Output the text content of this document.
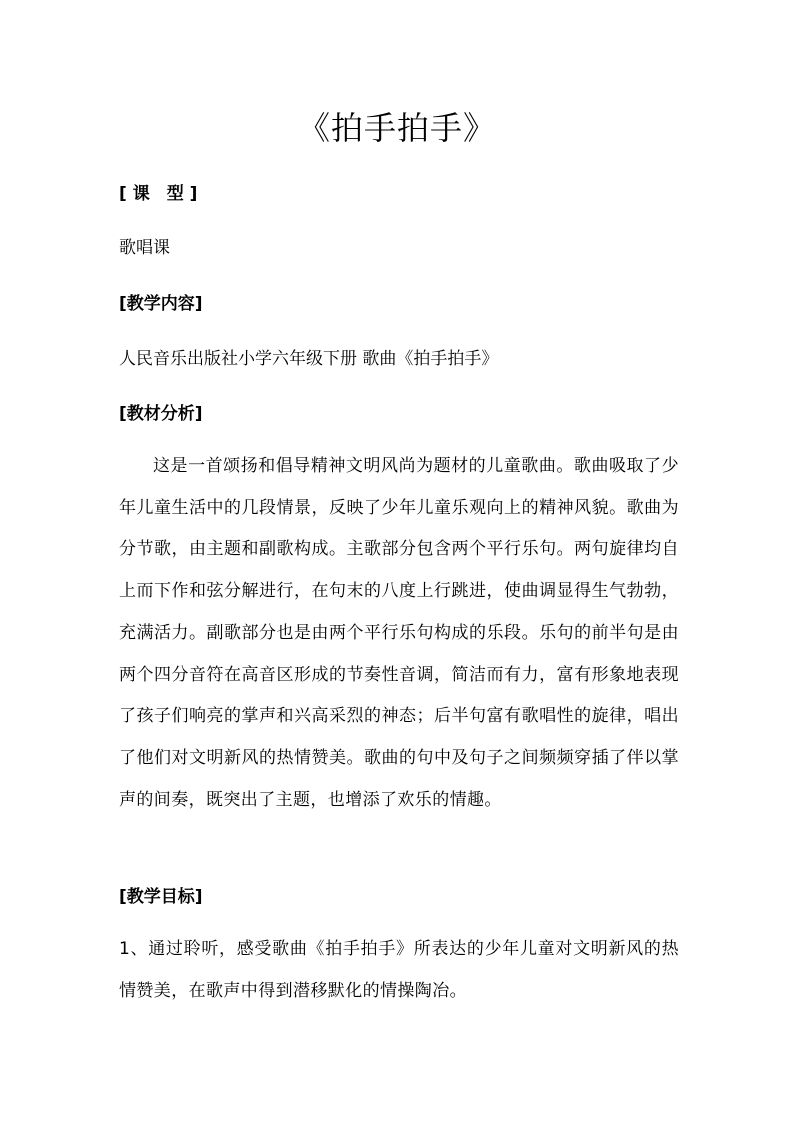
《拍手拍手》
[ 课　型 ]
歌唱课
[教学内容]
人民音乐出版社小学六年级下册 歌曲《拍手拍手》
[教材分析]
这是一首颂扬和倡导精神文明风尚为题材的儿童歌曲。歌曲吸取了少年儿童生活中的几段情景，反映了少年儿童乐观向上的精神风貌。歌曲为分节歌，由主题和副歌构成。主歌部分包含两个平行乐句。两句旋律均自上而下作和弦分解进行，在句末的八度上行跳进，使曲调显得生气勃勃，充满活力。副歌部分也是由两个平行乐句构成的乐段。乐句的前半句是由两个四分音符在高音区形成的节奏性音调，简洁而有力，富有形象地表现了孩子们响亮的掌声和兴高采烈的神态；后半句富有歌唱性的旋律，唱出了他们对文明新风的热情赞美。歌曲的句中及句子之间频频穿插了伴以掌声的间奏，既突出了主题，也增添了欢乐的情趣。
[教学目标]
1、通过聆听，感受歌曲《拍手拍手》所表达的少年儿童对文明新风的热情赞美，在歌声中得到潜移默化的情操陶冶。
